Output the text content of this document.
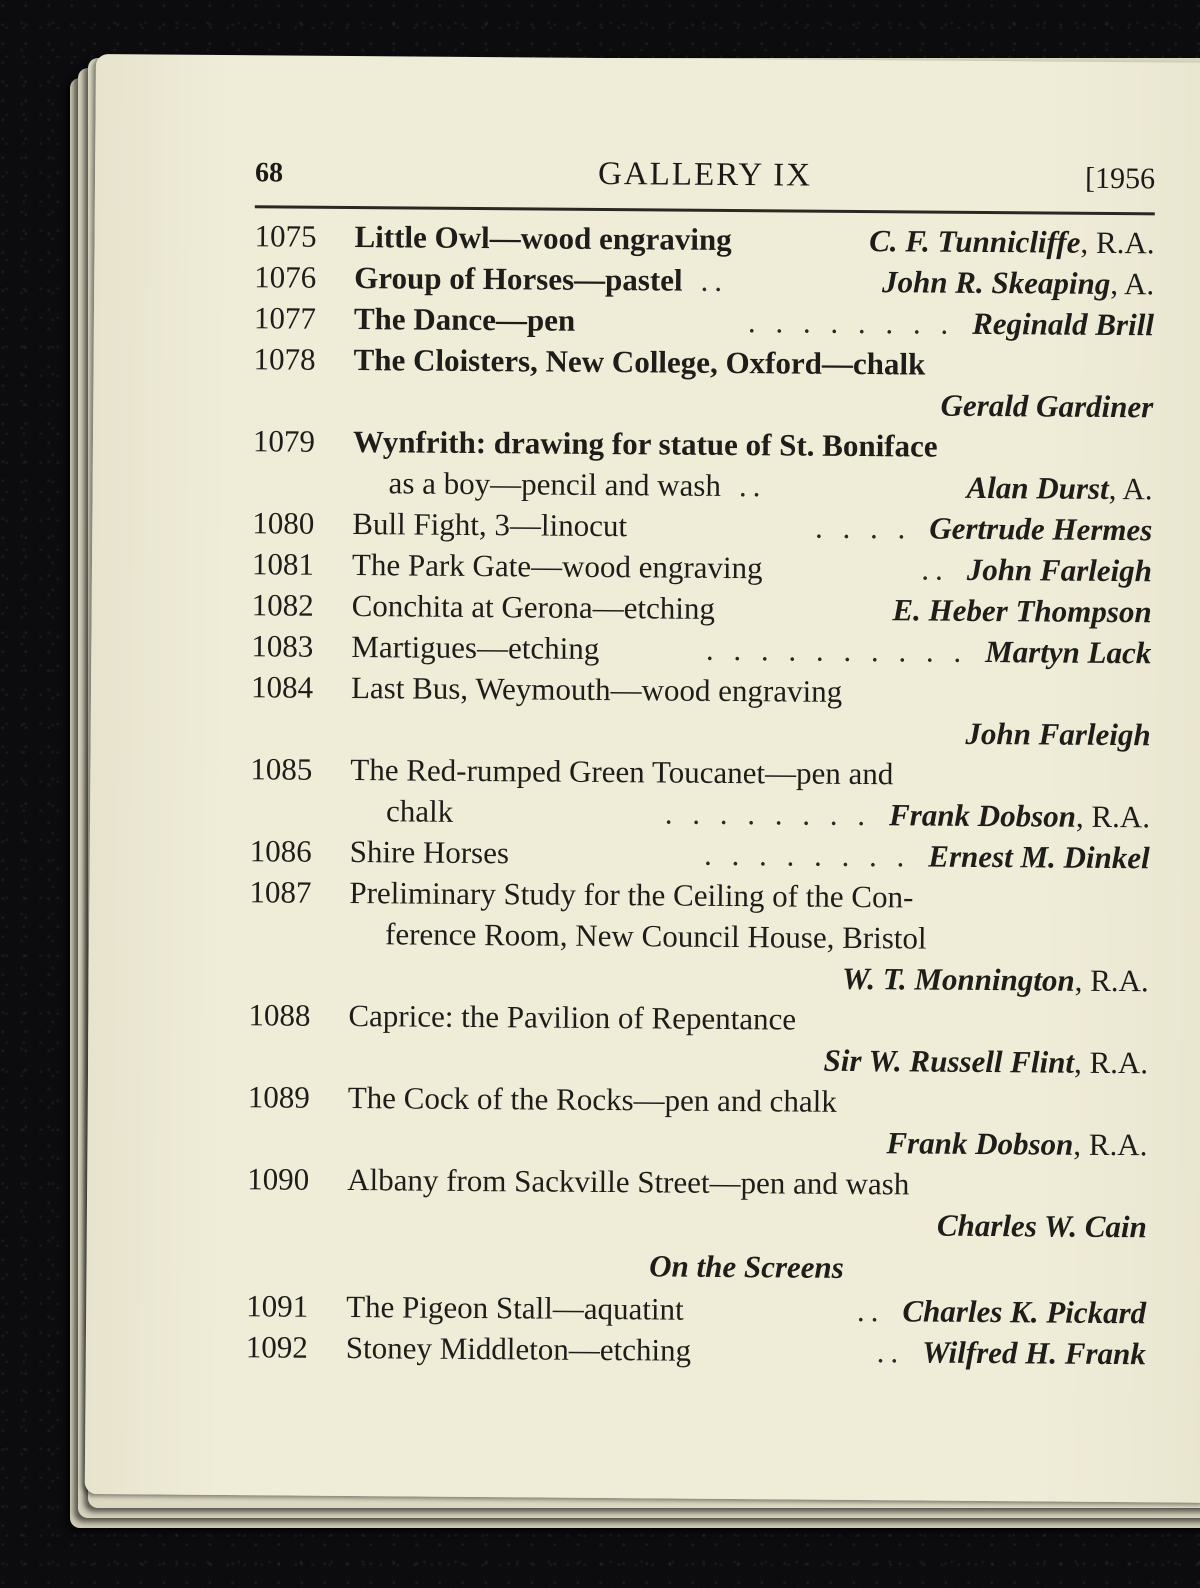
68	GALLERY IX	[1956
1075	Little Owl—wood engraving	C. F. Tunnicliffe, R.A.
1076	Group of Horses—pastel ..	John R. Skeaping, A.
1077	The Dance—pen	. . . . . . . . Reginald Brill
1078	The Cloisters, New College, Oxford—chalk
Gerald Gardiner
1079	Wynfrith: drawing for statue of St. Boniface
as a boy—pencil and wash ..	Alan Durst, A.
1080	Bull Fight, 3—linocut	. . . . Gertrude Hermes
1081	The Park Gate—wood engraving	.. John Farleigh
1082	Conchita at Gerona—etching	E. Heber Thompson
1083	Martigues—etching	. . . . . . . . . . Martyn Lack
1084	Last Bus, Weymouth—wood engraving
John Farleigh
1085	The Red-rumped Green Toucanet—pen and
chalk	. . . . . . . . Frank Dobson, R.A.
1086	Shire Horses	. . . . . . . . Ernest M. Dinkel
1087	Preliminary Study for the Ceiling of the Con-
ference Room, New Council House, Bristol
W. T. Monnington, R.A.
1088	Caprice: the Pavilion of Repentance
Sir W. Russell Flint, R.A.
1089	The Cock of the Rocks—pen and chalk
Frank Dobson, R.A.
1090	Albany from Sackville Street—pen and wash
Charles W. Cain
On the Screens
1091	The Pigeon Stall—aquatint	.. Charles K. Pickard
1092	Stoney Middleton—etching	.. Wilfred H. Frank
